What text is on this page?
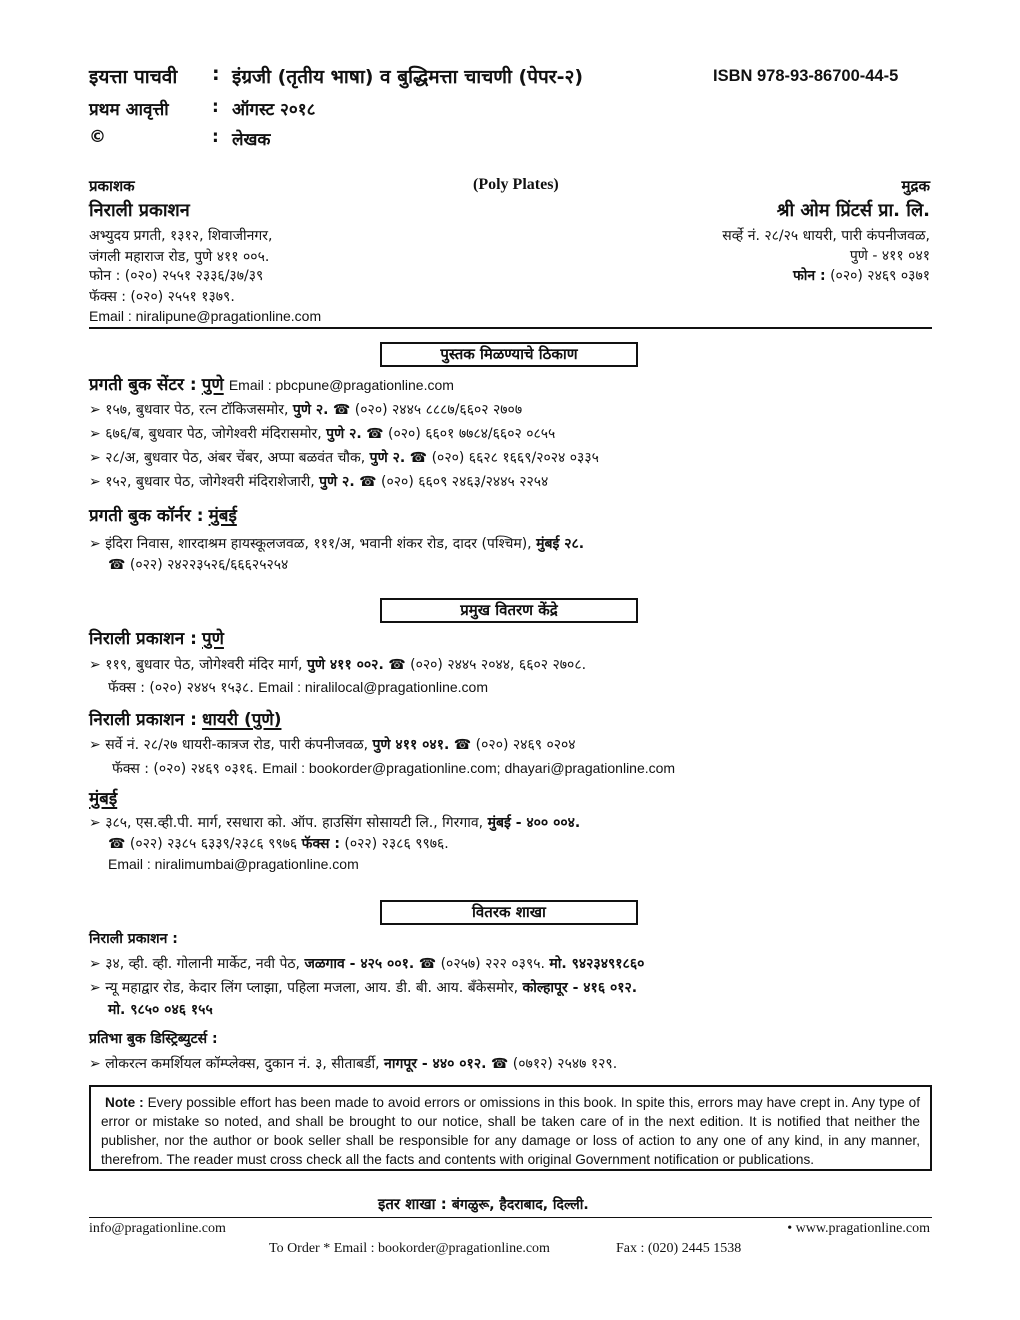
इयत्ता पाचवी : इंग्रजी (तृतीय भाषा) व बुद्धिमत्ता चाचणी (पेपर-२)	ISBN 978-93-86700-44-5
प्रथम आवृत्ती	: ऑगस्ट २०१८
©	: लेखक
प्रकाशक
निराली प्रकाशन
अभ्युदय प्रगती, १३१२, शिवाजीनगर,
जंगली महाराज रोड, पुणे ४११ ००५.
फोन : (०२०) २५५१ २३३६/३७/३९
फॅक्स : (०२०) २५५१ १३७९.
Email : niralipune@pragationline.com
(Poly Plates)	मुद्रक
श्री ओम प्रिंटर्स प्रा. लि.
सर्व्हे नं. २८/२५ धायरी, पारी कंपनीजवळ,
पुणे - ४११ ०४१
फोन : (०२०) २४६९ ०३७१
पुस्तक मिळण्याचे ठिकाण
प्रगती बुक सेंटर : पुणे Email : pbcpune@pragationline.com
➢ १५७, बुधवार पेठ, रत्न टॉकिजसमोर, पुणे २. ☎ (०२०) २४४५ ८८८७/६६०२ २७०७
➢ ६७६/ब, बुधवार पेठ, जोगेश्वरी मंदिरासमोर, पुणे २. ☎ (०२०) ६६०१ ७७८४/६६०२ ०८५५
➢ २८/अ, बुधवार पेठ, अंबर चेंबर, अप्पा बळवंत चौक, पुणे २. ☎ (०२०) ६६२८ १६६९/२०२४ ०३३५
➢ १५२, बुधवार पेठ, जोगेश्वरी मंदिराशेजारी, पुणे २. ☎ (०२०) ६६०९ २४६३/२४४५ २२५४
प्रगती बुक कॉर्नर : मुंबई
➢ इंदिरा निवास, शारदाश्रम हायस्कूलजवळ, १११/अ, भवानी शंकर रोड, दादर (पश्चिम), मुंबई २८.
☎ (०२२) २४२२३५२६/६६६२५२५४
प्रमुख वितरण केंद्रे
निराली प्रकाशन : पुणे
➢ ११९, बुधवार पेठ, जोगेश्वरी मंदिर मार्ग, पुणे ४११ ००२. ☎ (०२०) २४४५ २०४४, ६६०२ २७०८.
फॅक्स : (०२०) २४४५ १५३८. Email : niralilocal@pragationline.com
निराली प्रकाशन : धायरी (पुणे)
➢ सर्वे नं. २८/२७ धायरी-कात्रज रोड, पारी कंपनीजवळ, पुणे ४११ ०४१. ☎ (०२०) २४६९ ०२०४
फॅक्स : (०२०) २४६९ ०३१६. Email : bookorder@pragationline.com; dhayari@pragationline.com
मुंबई
➢ ३८५, एस.व्ही.पी. मार्ग, रसधारा को. ऑप. हाउसिंग सोसायटी लि., गिरगाव, मुंबई - ४०० ००४.
☎ (०२२) २३८५ ६३३९/२३८६ ९९७६ फॅक्स : (०२२) २३८६ ९९७६.
Email : niralimumbai@pragationline.com
वितरक शाखा
निराली प्रकाशन :
➢ ३४, व्ही. व्ही. गोलानी मार्केट, नवी पेठ, जळगाव - ४२५ ००१. ☎ (०२५७) २२२ ०३९५. मो. ९४२३४९१८६०
➢ न्यू महाद्वार रोड, केदार लिंग प्लाझा, पहिला मजला, आय. डी. बी. आय. बँकेसमोर, कोल्हापूर - ४१६ ०१२.
मो. ९८५० ०४६ १५५
प्रतिभा बुक डिस्ट्रिब्युटर्स :
➢ लोकरत्न कमर्शियल कॉम्प्लेक्स, दुकान नं. ३, सीताबर्डी, नागपूर - ४४० ०१२. ☎ (०७१२) २५४७ १२९.
Note : Every possible effort has been made to avoid errors or omissions in this book. In spite this, errors may have crept in. Any type of error or mistake so noted, and shall be brought to our notice, shall be taken care of in the next edition. It is notified that neither the publisher, nor the author or book seller shall be responsible for any damage or loss of action to any one of any kind, in any manner, therefrom. The reader must cross check all the facts and contents with original Government notification or publications.
इतर शाखा : बंगळुरू, हैदराबाद, दिल्ली.
info@pragationline.com	• www.pragationline.com
To Order * Email : bookorder@pragationline.com	Fax : (020) 2445 1538
